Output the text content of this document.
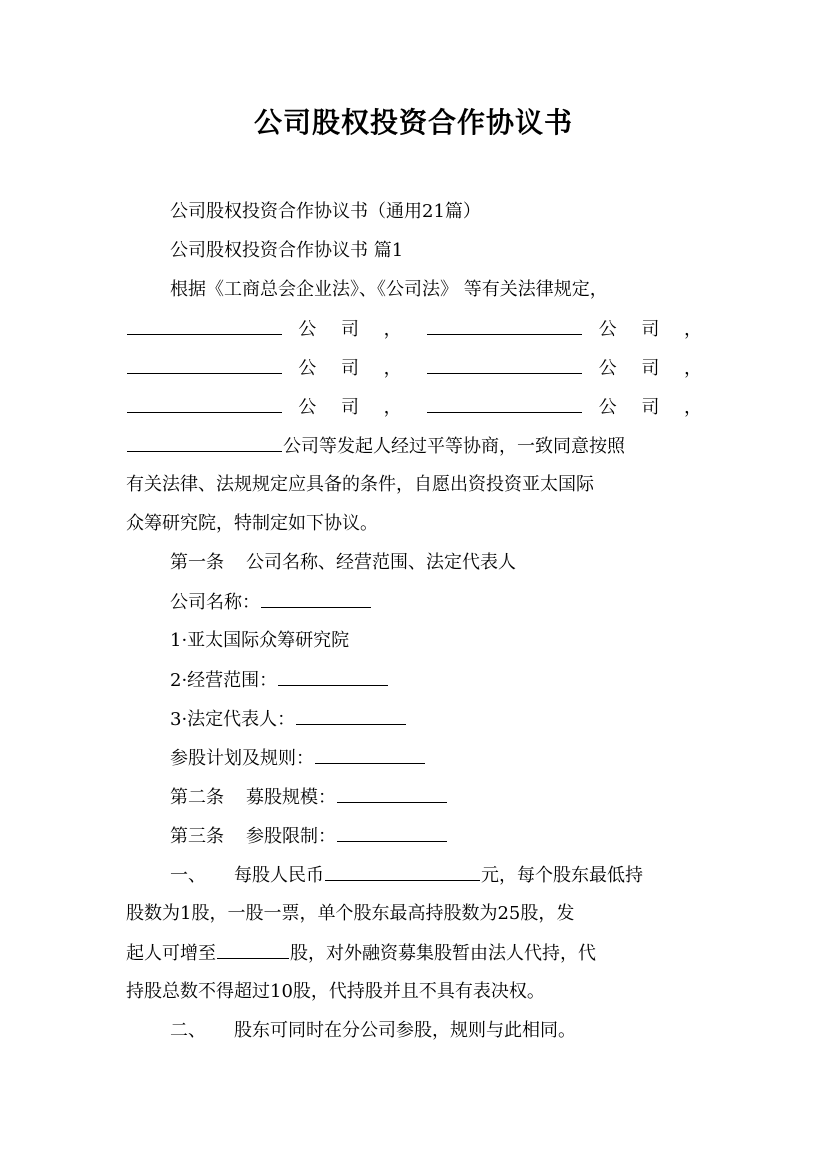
公司股权投资合作协议书
公司股权投资合作协议书（通用21篇）
公司股权投资合作协议书 篇1
根据《工商总会企业法》、《公司法》 等有关法律规定，
公 司 ，	公 司 ，
公 司 ，	公 司 ，
公 司 ，	公 司 ，
公司等发起人经过平等协商，一致同意按照
有关法律、法规规定应具备的条件，自愿出资投资亚太国际
众筹研究院，特制定如下协议。
第一条 公司名称、经营范围、法定代表人
公司名称：
1·亚太国际众筹研究院
2·经营范围：
3·法定代表人：
参股计划及规则：
第二条 募股规模：
第三条 参股限制：
一、 每股人民币	元，每个股东最低持
股数为1股，一股一票，单个股东最高持股数为25股，发
起人可增至	股，对外融资募集股暂由法人代持，代
持股总数不得超过10股，代持股并且不具有表决权。
二、 股东可同时在分公司参股，规则与此相同。
